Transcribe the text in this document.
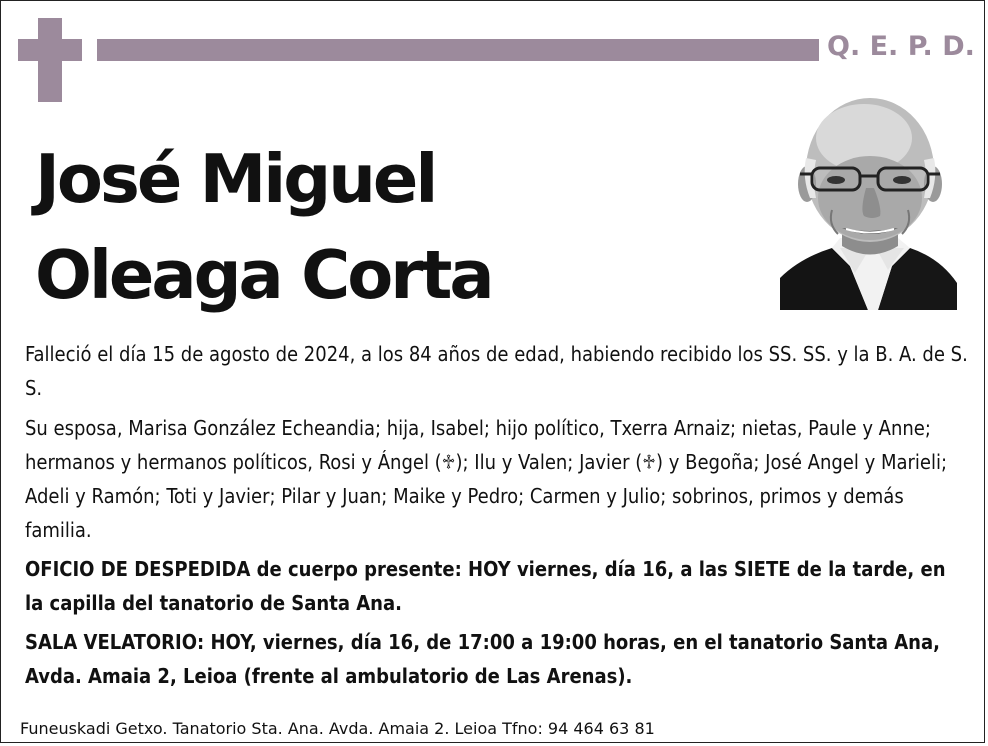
Q. E. P. D.
José Miguel
Oleaga Corta

Falleció el día 15 de agosto de 2024, a los 84 años de edad, habiendo recibido los SS. SS. y la B. A. de S. S.

Su esposa, Marisa González Echeandia; hija, Isabel; hijo político, Txerra Arnaiz; nietas, Paule y Anne; hermanos y hermanos políticos, Rosi y Ángel (♱); Ilu y Valen; Javier (♱) y Begoña; José Angel y Marieli; Adeli y Ramón; Toti y Javier; Pilar y Juan; Maike y Pedro; Carmen y Julio; sobrinos, primos y demás familia.

OFICIO DE DESPEDIDA de cuerpo presente: HOY viernes, día 16, a las SIETE de la tarde, en la capilla del tanatorio de Santa Ana.

SALA VELATORIO: HOY, viernes, día 16, de 17:00 a 19:00 horas, en el tanatorio Santa Ana, Avda. Amaia 2, Leioa (frente al ambulatorio de Las Arenas).

Funeuskadi Getxo. Tanatorio Sta. Ana. Avda. Amaia 2. Leioa Tfno: 94 464 63 81
